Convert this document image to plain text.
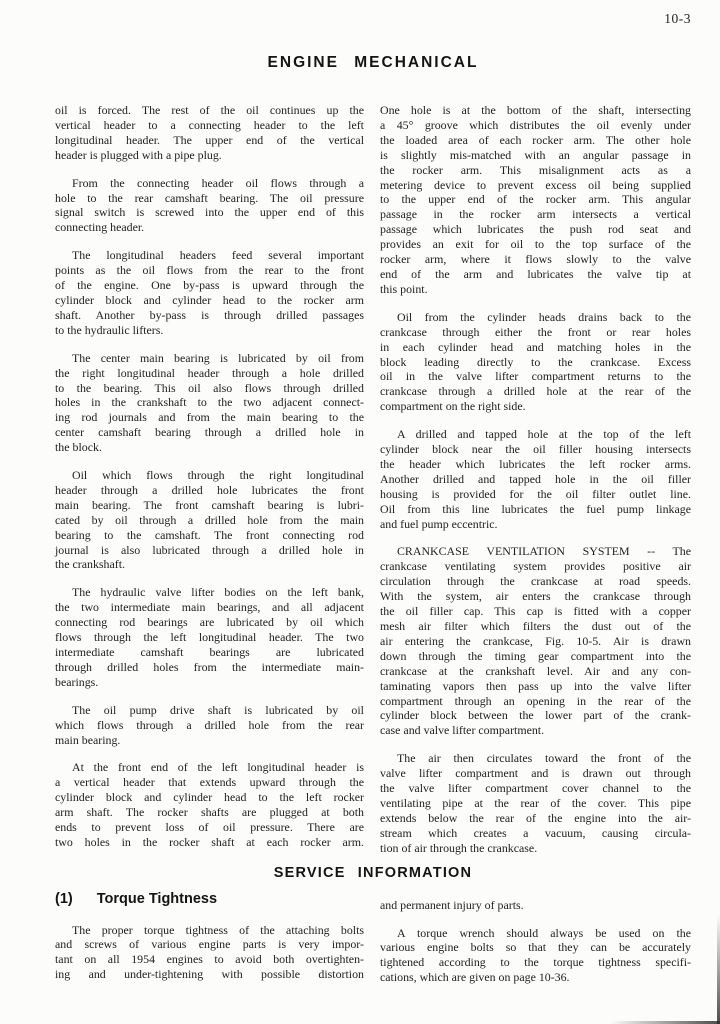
10-3
ENGINE MECHANICAL
oil is forced. The rest of the oil continues up the
vertical header to a connecting header to the left
longitudinal header. The upper end of the vertical
header is plugged with a pipe plug.
From the connecting header oil flows through a
hole to the rear camshaft bearing. The oil pressure
signal switch is screwed into the upper end of this
connecting header.
The longitudinal headers feed several important
points as the oil flows from the rear to the front
of the engine. One by-pass is upward through the
cylinder block and cylinder head to the rocker arm
shaft. Another by-pass is through drilled passages
to the hydraulic lifters.
The center main bearing is lubricated by oil from
the right longitudinal header through a hole drilled
to the bearing. This oil also flows through drilled
holes in the crankshaft to the two adjacent connect-
ing rod journals and from the main bearing to the
center camshaft bearing through a drilled hole in
the block.
Oil which flows through the right longitudinal
header through a drilled hole lubricates the front
main bearing. The front camshaft bearing is lubri-
cated by oil through a drilled hole from the main
bearing to the camshaft. The front connecting rod
journal is also lubricated through a drilled hole in
the crankshaft.
The hydraulic valve lifter bodies on the left bank,
the two intermediate main bearings, and all adjacent
connecting rod bearings are lubricated by oil which
flows through the left longitudinal header. The two
intermediate camshaft bearings are lubricated
through drilled holes from the intermediate main-
bearings.
The oil pump drive shaft is lubricated by oil
which flows through a drilled hole from the rear
main bearing.
At the front end of the left longitudinal header is
a vertical header that extends upward through the
cylinder block and cylinder head to the left rocker
arm shaft. The rocker shafts are plugged at both
ends to prevent loss of oil pressure. There are
two holes in the rocker shaft at each rocker arm.
One hole is at the bottom of the shaft, intersecting
a 45° groove which distributes the oil evenly under
the loaded area of each rocker arm. The other hole
is slightly mis-matched with an angular passage in
the rocker arm. This misalignment acts as a
metering device to prevent excess oil being supplied
to the upper end of the rocker arm. This angular
passage in the rocker arm intersects a vertical
passage which lubricates the push rod seat and
provides an exit for oil to the top surface of the
rocker arm, where it flows slowly to the valve
end of the arm and lubricates the valve tip at
this point.
Oil from the cylinder heads drains back to the
crankcase through either the front or rear holes
in each cylinder head and matching holes in the
block leading directly to the crankcase. Excess
oil in the valve lifter compartment returns to the
crankcase through a drilled hole at the rear of the
compartment on the right side.
A drilled and tapped hole at the top of the left
cylinder block near the oil filler housing intersects
the header which lubricates the left rocker arms.
Another drilled and tapped hole in the oil filler
housing is provided for the oil filter outlet line.
Oil from this line lubricates the fuel pump linkage
and fuel pump eccentric.
CRANKCASE VENTILATION SYSTEM -- The
crankcase ventilating system provides positive air
circulation through the crankcase at road speeds.
With the system, air enters the crankcase through
the oil filler cap. This cap is fitted with a copper
mesh air filter which filters the dust out of the
air entering the crankcase, Fig. 10-5. Air is drawn
down through the timing gear compartment into the
crankcase at the crankshaft level. Air and any con-
taminating vapors then pass up into the valve lifter
compartment through an opening in the rear of the
cylinder block between the lower part of the crank-
case and valve lifter compartment.
The air then circulates toward the front of the
valve lifter compartment and is drawn out through
the valve lifter compartment cover channel to the
ventilating pipe at the rear of the cover. This pipe
extends below the rear of the engine into the air-
stream which creates a vacuum, causing circula-
tion of air through the crankcase.
SERVICE INFORMATION
(1) Torque Tightness
The proper torque tightness of the attaching bolts
and screws of various engine parts is very impor-
tant on all 1954 engines to avoid both overtighten-
ing and under-tightening with possible distortion
and permanent injury of parts.
A torque wrench should always be used on the
various engine bolts so that they can be accurately
tightened according to the torque tightness specifi-
cations, which are given on page 10-36.
